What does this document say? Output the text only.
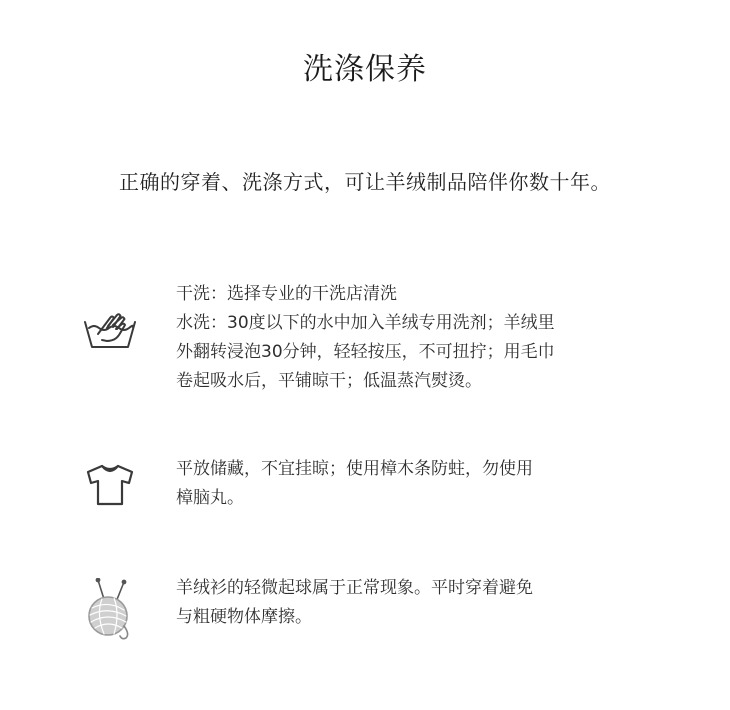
洗涤保养
正确的穿着、洗涤方式，可让羊绒制品陪伴你数十年。
干洗：选择专业的干洗店清洗
水洗：30度以下的水中加入羊绒专用洗剂；羊绒里
外翻转浸泡30分钟，轻轻按压，不可扭拧；用毛巾
卷起吸水后，平铺晾干；低温蒸汽熨烫。
平放储藏，不宜挂晾；使用樟木条防蛀，勿使用
樟脑丸。
羊绒衫的轻微起球属于正常现象。平时穿着避免
与粗硬物体摩擦。
